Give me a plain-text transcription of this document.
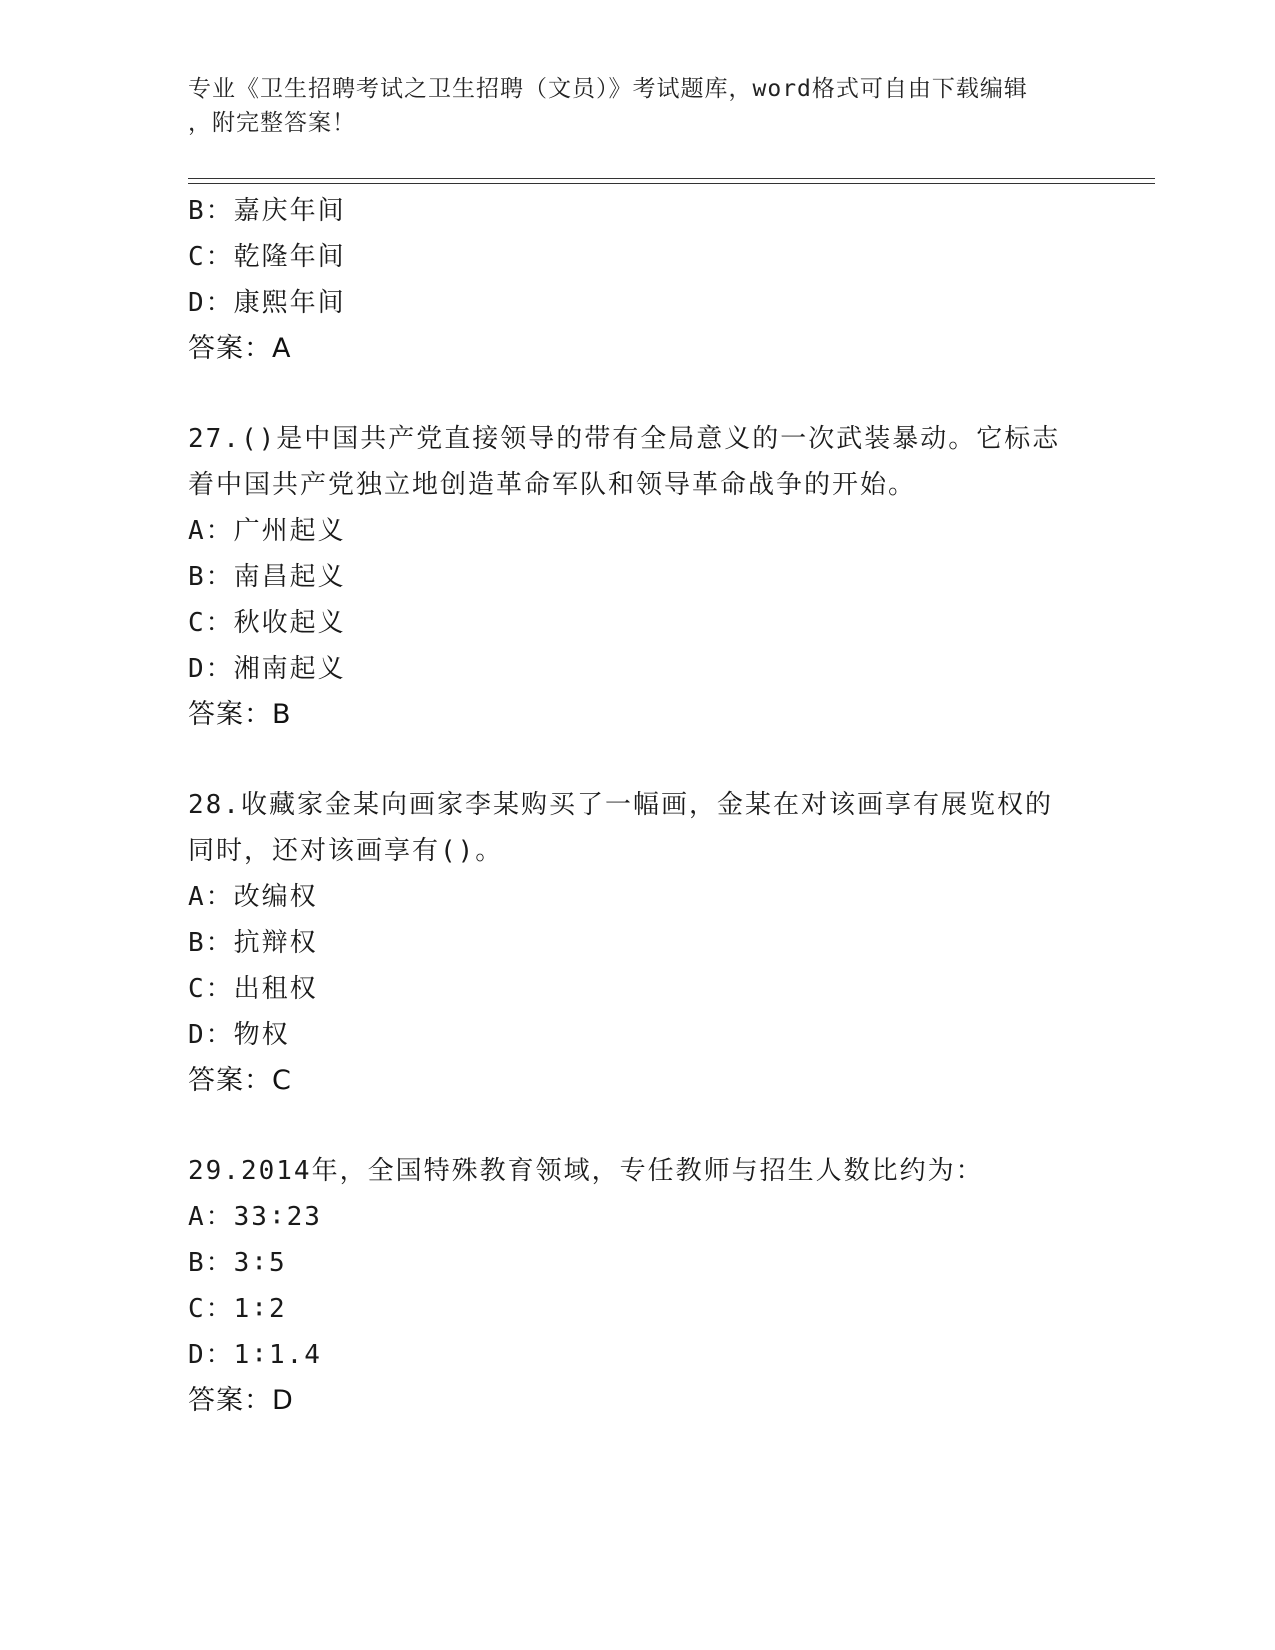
专业《卫生招聘考试之卫生招聘（文员）》考试题库，word格式可自由下载编辑
，附完整答案！
B：嘉庆年间
C：乾隆年间
D：康熙年间
答案：A
27.()是中国共产党直接领导的带有全局意义的一次武装暴动。它标志
着中国共产党独立地创造革命军队和领导革命战争的开始。
A：广州起义
B：南昌起义
C：秋收起义
D：湘南起义
答案：B
28.收藏家金某向画家李某购买了一幅画，金某在对该画享有展览权的
同时，还对该画享有()。
A：改编权
B：抗辩权
C：出租权
D：物权
答案：C
29.2014年，全国特殊教育领域，专任教师与招生人数比约为：
A：33∶23
B：3∶5
C：1∶2
D：1∶1.4
答案：D
